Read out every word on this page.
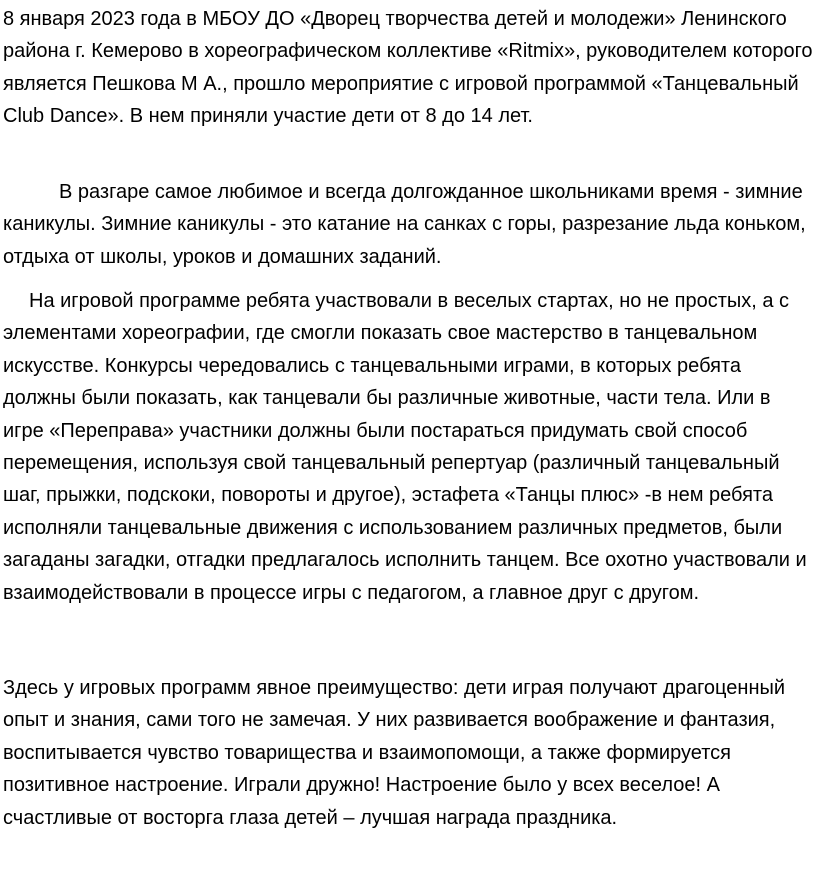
8 января 2023 года в МБОУ ДО «Дворец творчества детей и молодежи» Ленинского района г. Кемерово в хореографическом коллективе «Ritmix», руководителем которого является Пешкова М А., прошло мероприятие с игровой программой «Танцевальный Club Dance». В нем приняли участие дети от 8 до 14 лет.

В разгаре самое любимое и всегда долгожданное школьниками время - зимние каникулы. Зимние каникулы - это катание на санках с горы, разрезание льда коньком, отдыха от школы, уроков и домашних заданий.

На игровой программе ребята участвовали в веселых стартах, но не простых, а с элементами хореографии, где смогли показать свое мастерство в танцевальном искусстве. Конкурсы чередовались с танцевальными играми, в которых ребята должны были показать, как танцевали бы различные животные, части тела. Или в игре «Переправа» участники должны были постараться придумать свой способ перемещения, используя свой танцевальный репертуар (различный танцевальный шаг, прыжки, подскоки, повороты и другое), эстафета «Танцы плюс» -в нем ребята исполняли танцевальные движения с использованием различных предметов, были загаданы загадки, отгадки предлагалось исполнить танцем. Все охотно участвовали и взаимодействовали в процессе игры с педагогом, а главное друг с другом.

Здесь у игровых программ явное преимущество: дети играя получают драгоценный опыт и знания, сами того не замечая. У них развивается воображение и фантазия, воспитывается чувство товарищества и взаимопомощи, а также формируется позитивное настроение. Играли дружно! Настроение было у всех веселое! А счастливые от восторга глаза детей – лучшая награда праздника.
